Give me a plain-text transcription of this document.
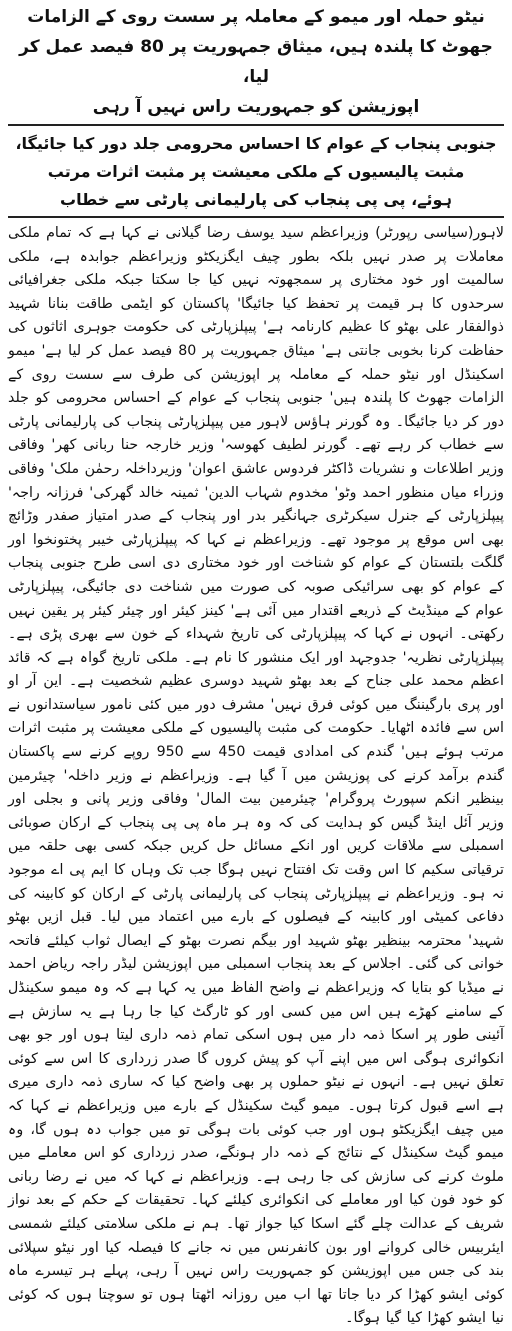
نیٹو حملہ اور میمو کے معاملہ پر سست روی کے الزامات جھوٹ کا پلندہ ہیں، میثاق جمہوریت پر 80 فیصد عمل کر لیا،
اپوزیشن کو جمہوریت راس نہیں آ رہی
جنوبی پنجاب کے عوام کا احساس محرومی جلد دور کیا جائیگا، مثبت پالیسیوں کے ملکی معیشت پر مثبت اثرات مرتب
ہوئے، پی پی پنجاب کی پارلیمانی پارٹی سے خطاب

لاہور(سیاسی رپورٹر) وزیراعظم سید یوسف رضا گیلانی نے کہا ہے کہ تمام ملکی معاملات پر صدر نہیں بلکہ بطور چیف ایگزیکٹو وزیراعظم جوابدہ ہے، ملکی سالمیت اور خود مختاری پر سمجھوتہ نہیں کیا جا سکتا جبکہ ملکی جغرافیائی سرحدوں کا ہر قیمت پر تحفظ کیا جائیگا' پاکستان کو ایٹمی طاقت بنانا شہید ذوالفقار علی بھٹو کا عظیم کارنامہ ہے' پیپلزپارٹی کی حکومت جوہری اثاثوں کی حفاظت کرنا بخوبی جانتی ہے' میثاق جمہوریت پر 80 فیصد عمل کر لیا ہے' میمو اسکینڈل اور نیٹو حملہ کے معاملہ پر اپوزیشن کی طرف سے سست روی کے الزامات جھوٹ کا پلندہ ہیں' جنوبی پنجاب کے عوام کے احساس محرومی کو جلد دور کر دیا جائیگا۔ وہ گورنر ہاؤس لاہور میں پیپلزپارٹی پنجاب کی پارلیمانی پارٹی سے خطاب کر رہے تھے۔ گورنر لطیف کھوسہ' وزیر خارجہ حنا ربانی کھر' وفاقی وزیر اطلاعات و نشریات ڈاکٹر فردوس عاشق اعوان' وزیرداخلہ رحمٰن ملک' وفاقی وزراء میاں منظور احمد وٹو' مخدوم شہاب الدین' ثمینہ خالد گھرکی' فرزانہ راجہ' پیپلزپارٹی کے جنرل سیکرٹری جہانگیر بدر اور پنجاب کے صدر امتیاز صفدر وڑائچ بھی اس موقع پر موجود تھے۔ وزیراعظم نے کہا کہ پیپلزپارٹی خیبر پختونخوا اور گلگت بلتستان کے عوام کو شناخت اور خود مختاری دی اسی طرح جنوبی پنجاب کے عوام کو بھی سرائیکی صوبہ کی صورت میں شناخت دی جائیگی، پیپلزپارٹی عوام کے مینڈیٹ کے ذریعے اقتدار میں آئی ہے' کینز کیئر اور چیئر کیئر پر یقین نہیں رکھتی۔ انہوں نے کہا کہ پیپلزپارٹی کی تاریخ شہداء کے خون سے بھری پڑی ہے۔ پیپلزپارٹی نظریہ' جدوجہد اور ایک منشور کا نام ہے۔ ملکی تاریخ گواہ ہے کہ قائد اعظم محمد علی جناح کے بعد بھٹو شہید دوسری عظیم شخصیت ہے۔ این آر او اور پری بارگیننگ میں کوئی فرق نہیں' مشرف دور میں کئی نامور سیاستدانوں نے اس سے فائدہ اٹھایا۔ حکومت کی مثبت پالیسیوں کے ملکی معیشت پر مثبت اثرات مرتب ہوئے ہیں' گندم کی امدادی قیمت 450 سے 950 روپے کرنے سے پاکستان گندم برآمد کرنے کی پوزیشن میں آ گیا ہے۔ وزیراعظم نے وزیر داخلہ' چیئرمین بینظیر انکم سپورٹ پروگرام' چیئرمین بیت المال' وفاقی وزیر پانی و بجلی اور وزیر آئل اینڈ گیس کو ہدایت کی کہ وہ ہر ماہ پی پی پنجاب کے ارکان صوبائی اسمبلی سے ملاقات کریں اور انکے مسائل حل کریں جبکہ کسی بھی حلقہ میں ترقیاتی سکیم کا اس وقت تک افتتاح نہیں ہوگا جب تک وہاں کا ایم پی اے موجود نہ ہو۔ وزیراعظم نے پیپلزپارٹی پنجاب کی پارلیمانی پارٹی کے ارکان کو کابینہ کی دفاعی کمیٹی اور کابینہ کے فیصلوں کے بارے میں اعتماد میں لیا۔ قبل ازیں بھٹو شہید' محترمہ بینظیر بھٹو شہید اور بیگم نصرت بھٹو کے ایصال ثواب کیلئے فاتحہ خوانی کی گئی۔ اجلاس کے بعد پنجاب اسمبلی میں اپوزیشن لیڈر راجہ ریاض احمد نے میڈیا کو بتایا کہ وزیراعظم نے واضح الفاظ میں یہ کہا ہے کہ وہ میمو سکینڈل کے سامنے کھڑے ہیں اس میں کسی اور کو ٹارگٹ کیا جا رہا ہے یہ سازش ہے آئینی طور پر اسکا ذمہ دار میں ہوں اسکی تمام ذمہ داری لیتا ہوں اور جو بھی انکوائری ہوگی اس میں اپنے آپ کو پیش کروں گا صدر زرداری کا اس سے کوئی تعلق نہیں ہے۔ انہوں نے نیٹو حملوں پر بھی واضح کیا کہ ساری ذمہ داری میری ہے اسے قبول کرتا ہوں۔ میمو گیٹ سکینڈل کے بارے میں وزیراعظم نے کہا کہ میں چیف ایگزیکٹو ہوں اور جب کوئی بات ہوگی تو میں جواب دہ ہوں گا، وہ میمو گیٹ سکینڈل کے نتائج کے ذمہ دار ہونگے، صدر زرداری کو اس معاملے میں ملوث کرنے کی سازش کی جا رہی ہے۔ وزیراعظم نے کہا کہ میں نے رضا ربانی کو خود فون کیا اور معاملے کی انکوائری کیلئے کہا۔ تحقیقات کے حکم کے بعد نواز شریف کے عدالت چلے گئے اسکا کیا جواز تھا۔ ہم نے ملکی سلامتی کیلئے شمسی ایئربیس خالی کروانے اور بون کانفرنس میں نہ جانے کا فیصلہ کیا اور نیٹو سپلائی بند کی جس میں اپوزیشن کو جمہوریت راس نہیں آ رہی، پہلے ہر تیسرے ماہ کوئی ایشو کھڑا کر دیا جاتا تھا اب میں روزانہ اٹھتا ہوں تو سوچتا ہوں کہ کوئی نیا ایشو کھڑا کیا گیا ہوگا۔
